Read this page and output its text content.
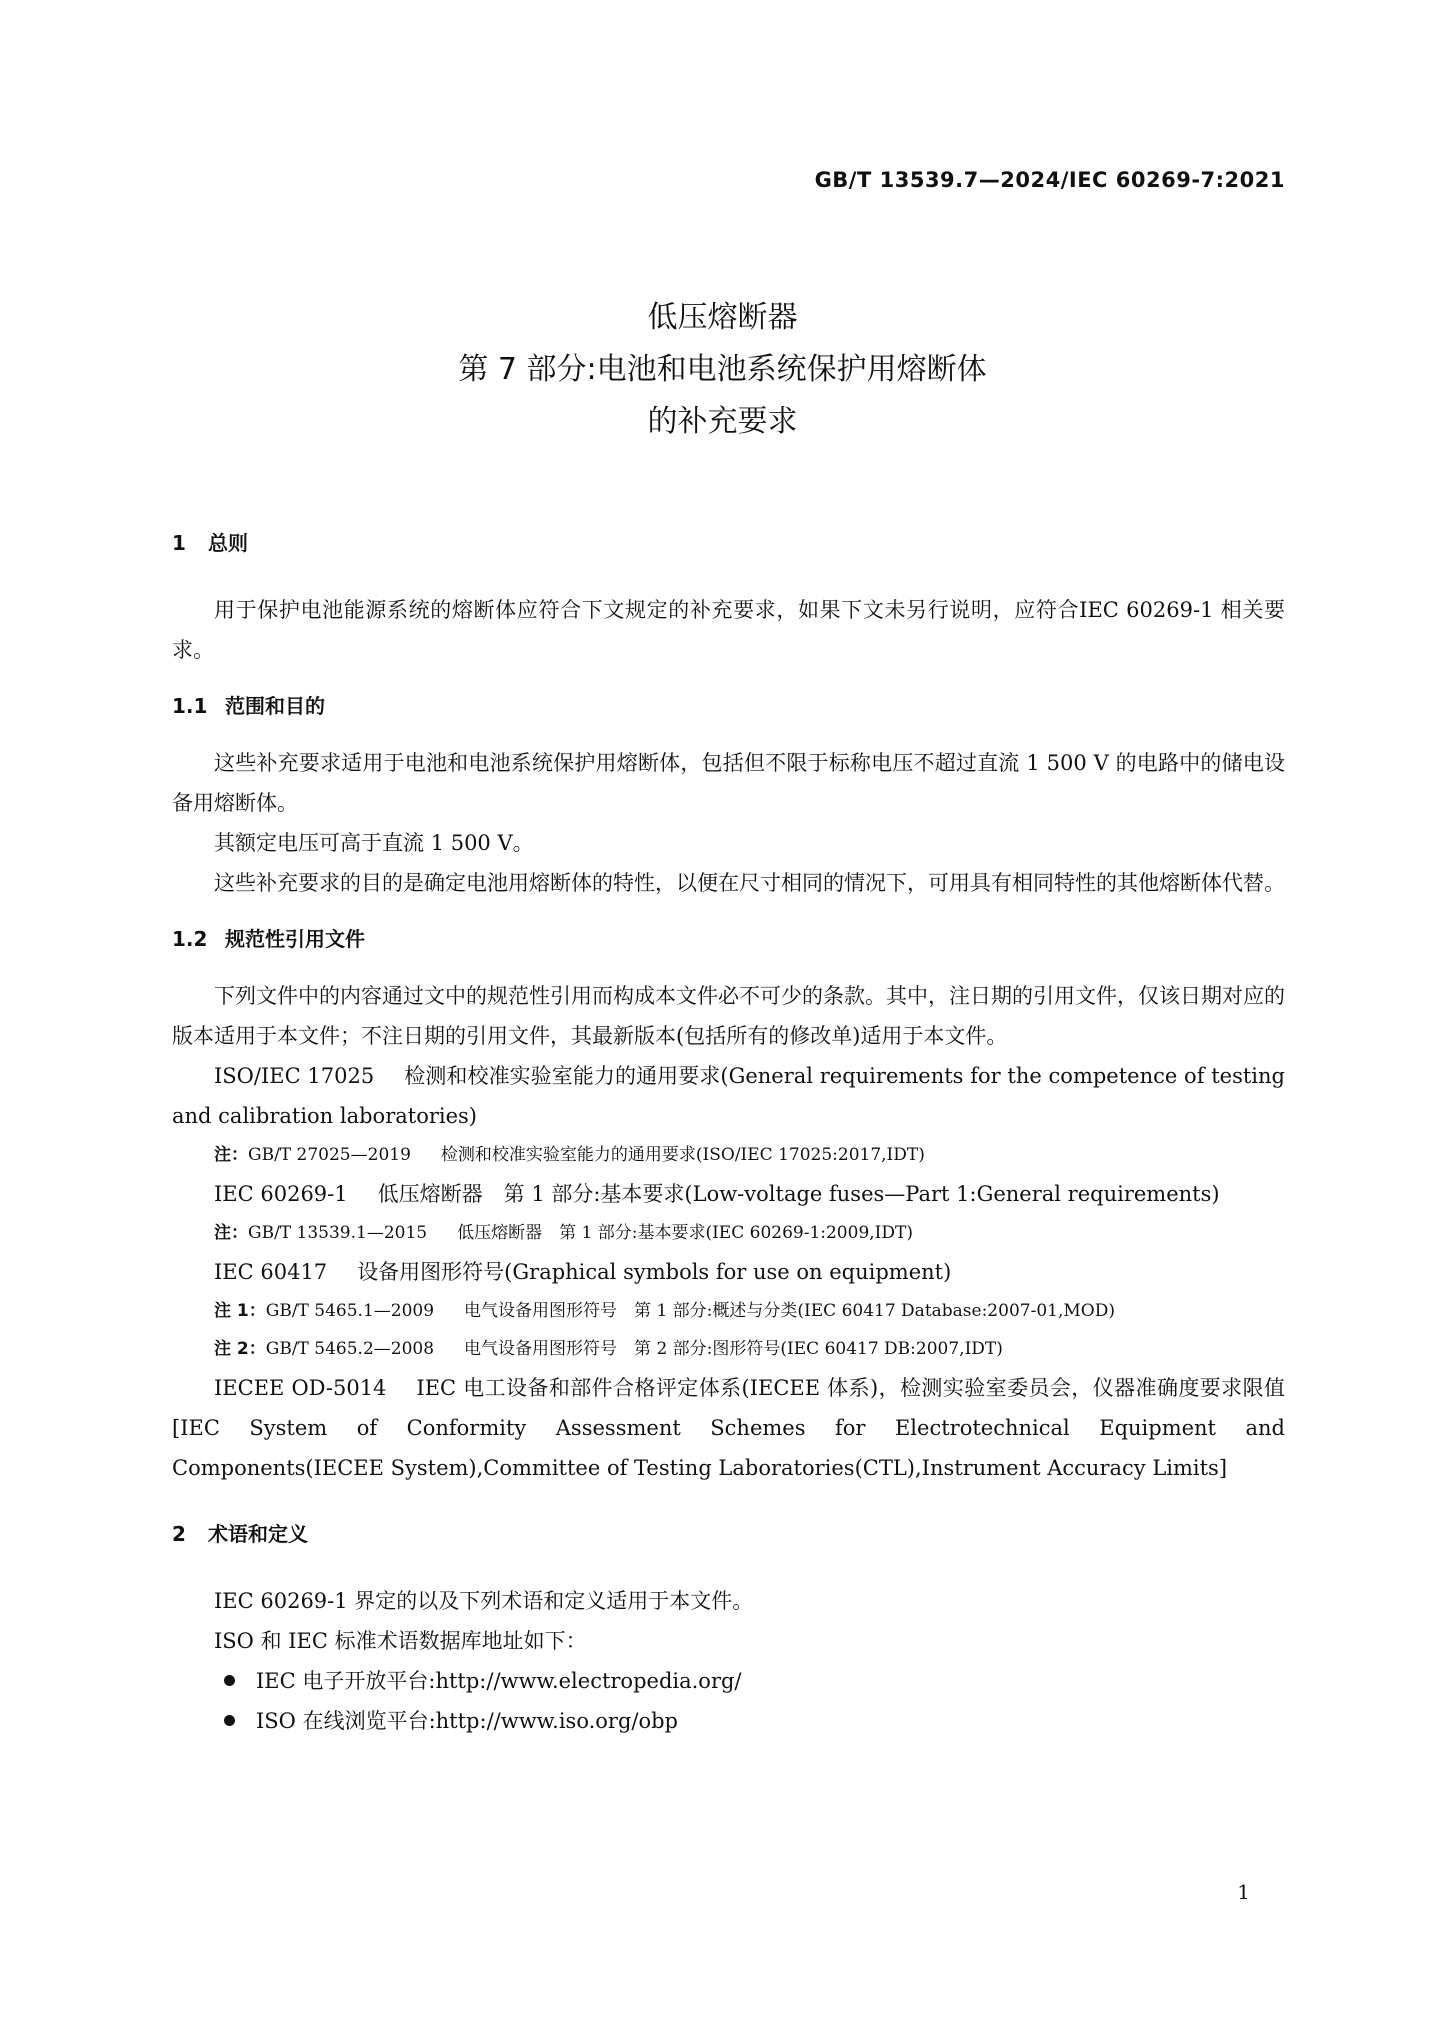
GB/T 13539.7—2024/IEC 60269-7:2021
低压熔断器
第 7 部分:电池和电池系统保护用熔断体
的补充要求
1 总则

用于保护电池能源系统的熔断体应符合下文规定的补充要求，如果下文未另行说明，应符合IEC 60269-1 相关要求。

1.1 范围和目的

这些补充要求适用于电池和电池系统保护用熔断体，包括但不限于标称电压不超过直流 1 500 V 的电路中的储电设备用熔断体。

其额定电压可高于直流 1 500 V。

这些补充要求的目的是确定电池用熔断体的特性，以便在尺寸相同的情况下，可用具有相同特性的其他熔断体代替。

1.2 规范性引用文件

下列文件中的内容通过文中的规范性引用而构成本文件必不可少的条款。其中，注日期的引用文件，仅该日期对应的版本适用于本文件；不注日期的引用文件，其最新版本(包括所有的修改单)适用于本文件。

ISO/IEC 17025 检测和校准实验室能力的通用要求(General requirements for the competence of testing and calibration laboratories)

注：GB/T 27025—2019 检测和校准实验室能力的通用要求(ISO/IEC 17025:2017,IDT)

IEC 60269-1 低压熔断器　第 1 部分:基本要求(Low-voltage fuses—Part 1:General requirements)

注：GB/T 13539.1—2015 低压熔断器　第 1 部分:基本要求(IEC 60269-1:2009,IDT)

IEC 60417 设备用图形符号(Graphical symbols for use on equipment)

注 1：GB/T 5465.1—2009 电气设备用图形符号　第 1 部分:概述与分类(IEC 60417 Database:2007-01,MOD)

注 2：GB/T 5465.2—2008 电气设备用图形符号　第 2 部分:图形符号(IEC 60417 DB:2007,IDT)

IECEE OD-5014 IEC 电工设备和部件合格评定体系(IECEE 体系)，检测实验室委员会，仪器准确度要求限值[IEC System of Conformity Assessment Schemes for Electrotechnical Equipment and Components(IECEE System),Committee of Testing Laboratories(CTL),Instrument Accuracy Limits]

2 术语和定义

IEC 60269-1 界定的以及下列术语和定义适用于本文件。

ISO 和 IEC 标准术语数据库地址如下：

IEC 电子开放平台:http://www.electropedia.org/
ISO 在线浏览平台:http://www.iso.org/obp
1
